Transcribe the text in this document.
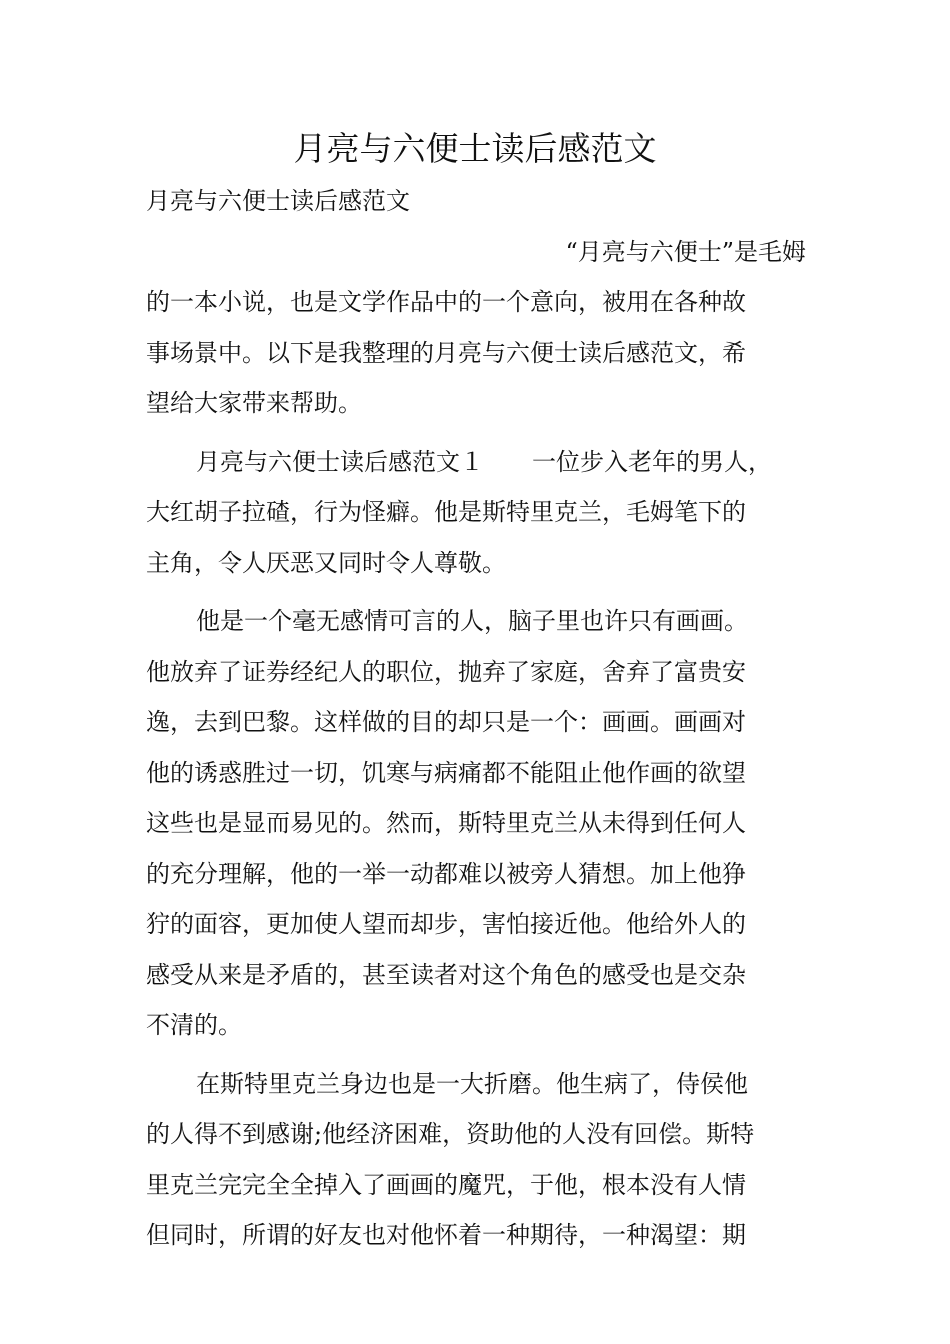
月亮与六便士读后感范文
月亮与六便士读后感范文
“月亮与六便士”是毛姆
的一本小说，也是文学作品中的一个意向，被用在各种故
事场景中。以下是我整理的月亮与六便士读后感范文，希
望给大家带来帮助。
月亮与六便士读后感范文１　　一位步入老年的男人，
大红胡子拉碴，行为怪癖。他是斯特里克兰，毛姆笔下的
主角，令人厌恶又同时令人尊敬。
他是一个毫无感情可言的人，脑子里也许只有画画。
他放弃了证券经纪人的职位，抛弃了家庭，舍弃了富贵安
逸，去到巴黎。这样做的目的却只是一个：画画。画画对
他的诱惑胜过一切，饥寒与病痛都不能阻止他作画的欲望
这些也是显而易见的。然而，斯特里克兰从未得到任何人
的充分理解，他的一举一动都难以被旁人猜想。加上他狰
狞的面容，更加使人望而却步，害怕接近他。他给外人的
感受从来是矛盾的，甚至读者对这个角色的感受也是交杂
不清的。
在斯特里克兰身边也是一大折磨。他生病了，侍侯他
的人得不到感谢;他经济困难，资助他的人没有回偿。斯特
里克兰完完全全掉入了画画的魔咒，于他，根本没有人情
但同时，所谓的好友也对他怀着一种期待，一种渴望：期
